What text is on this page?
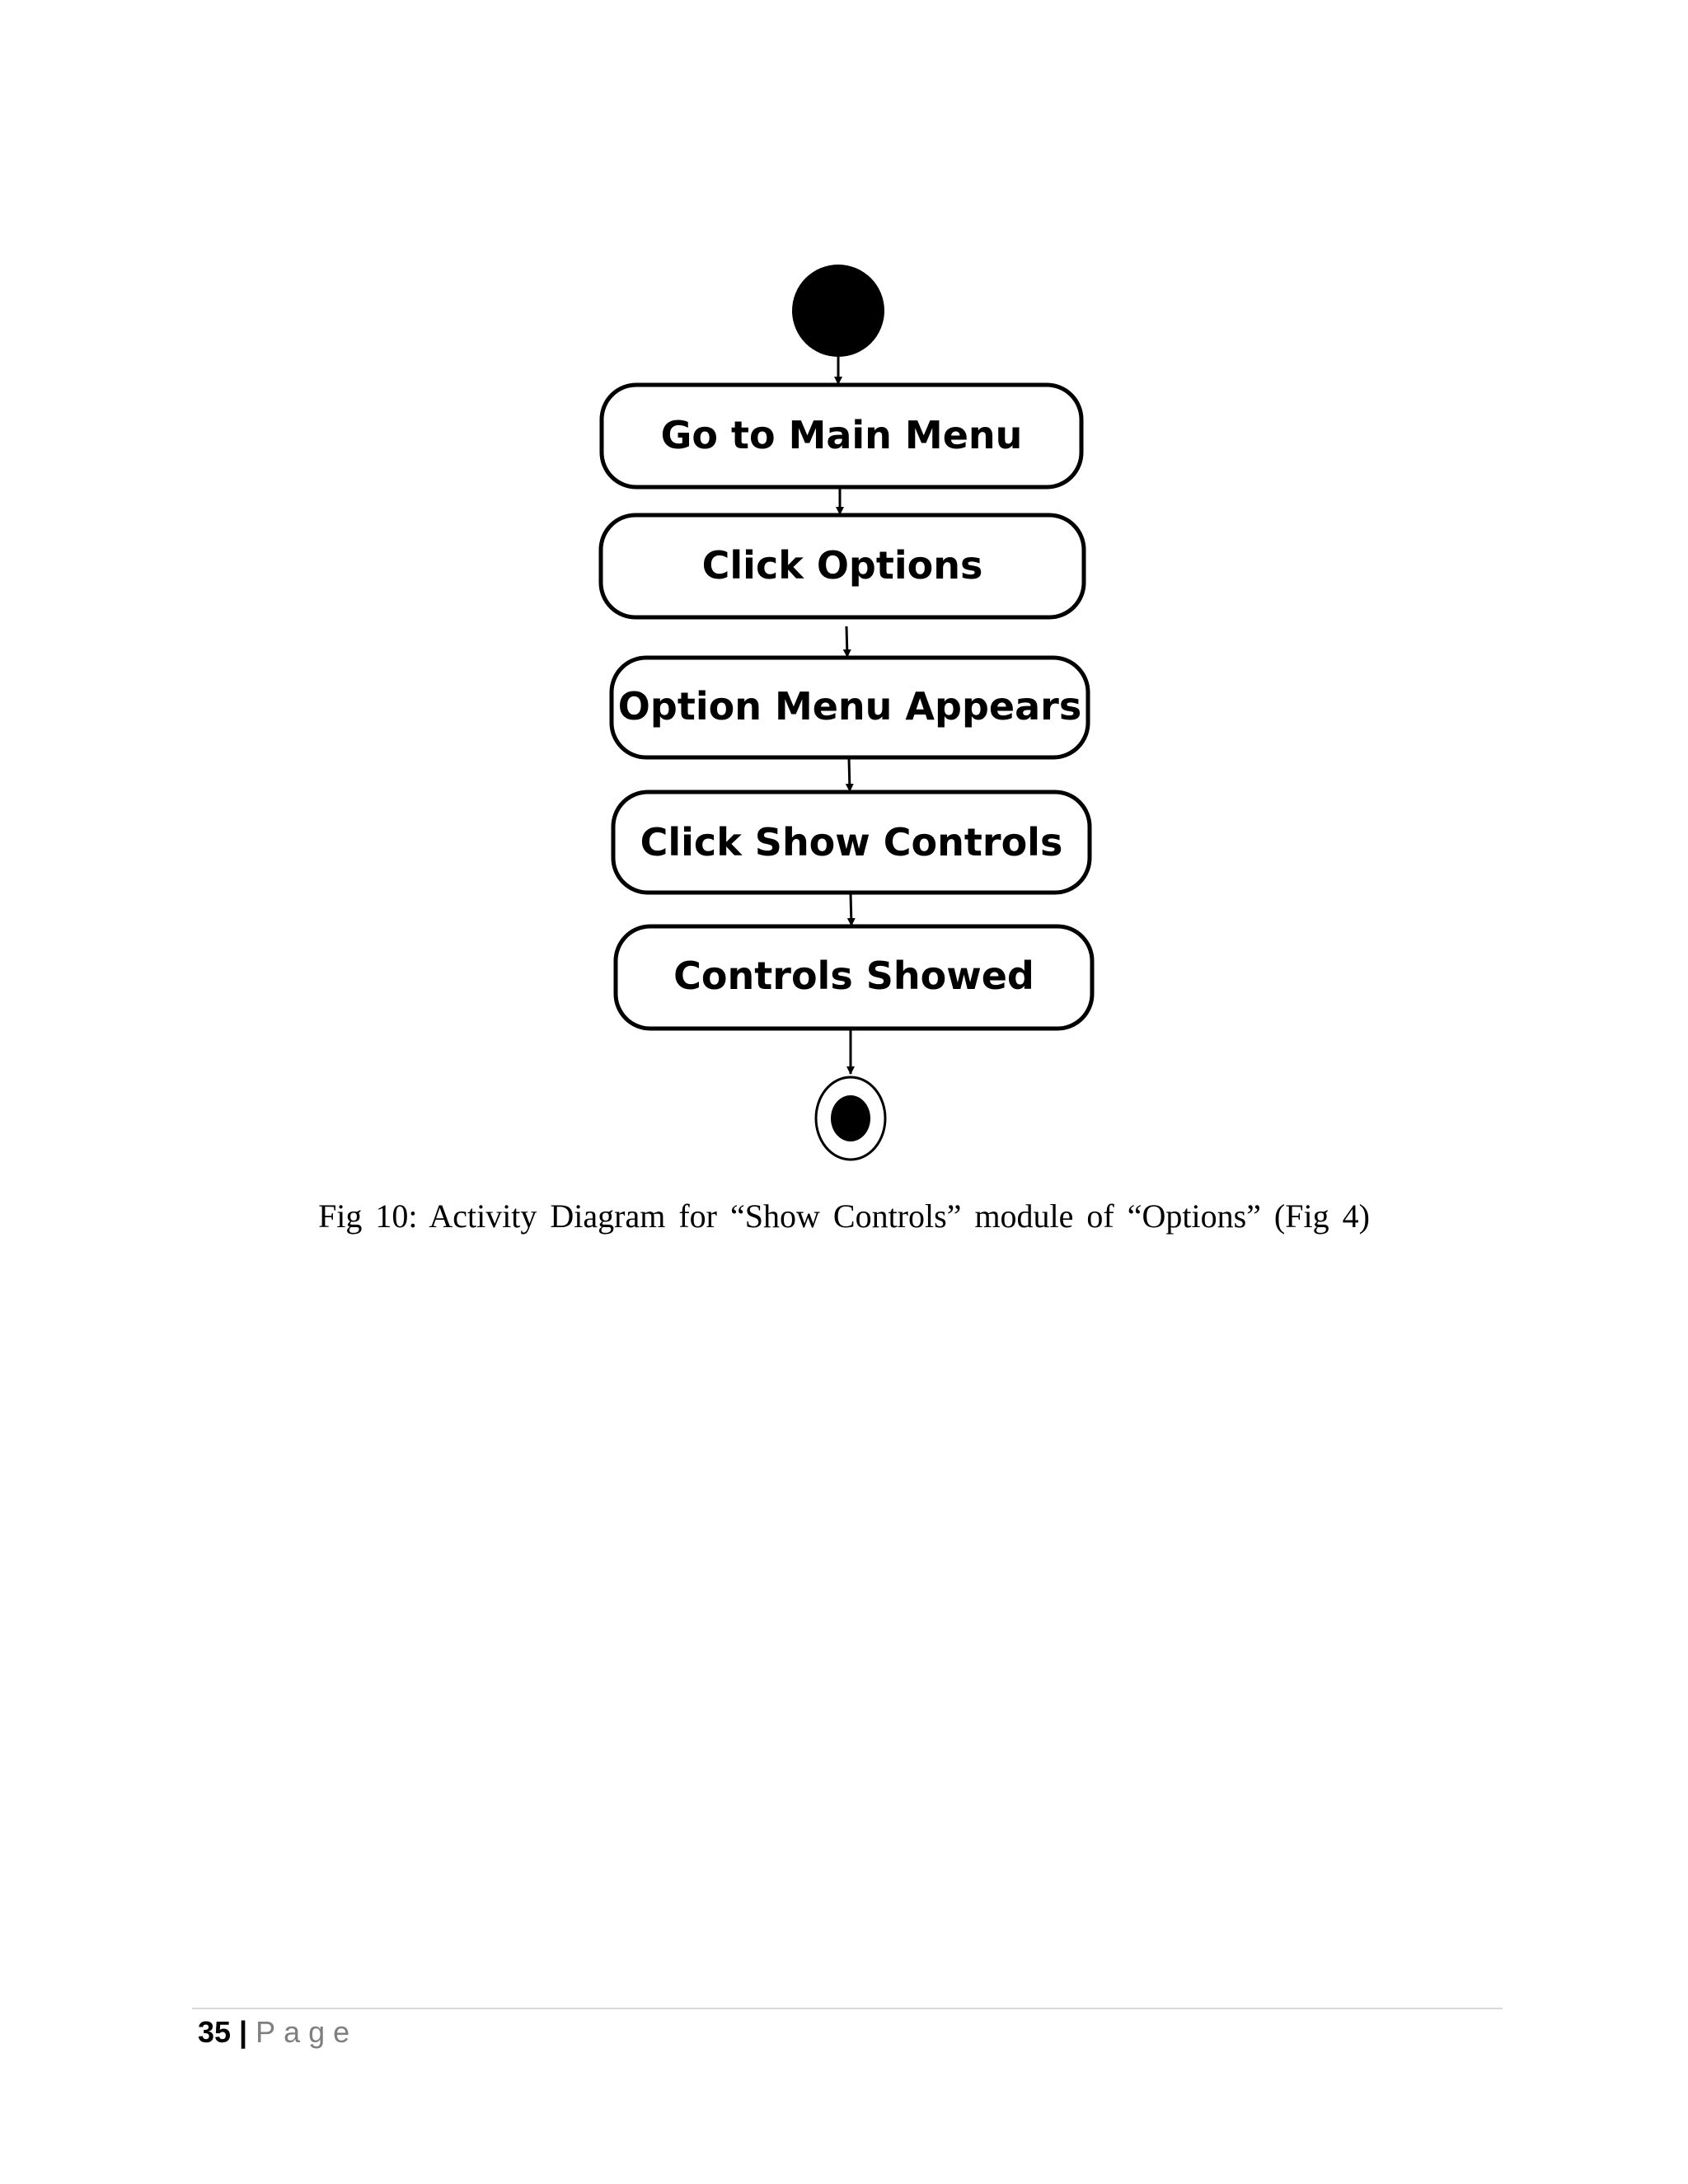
Go to Main Menu
Click Options
Option Menu Appears
Click Show Controls
Controls Showed
Fig 10: Activity Diagram for “Show Controls” module of “Options” (Fig 4)
35 | Page
